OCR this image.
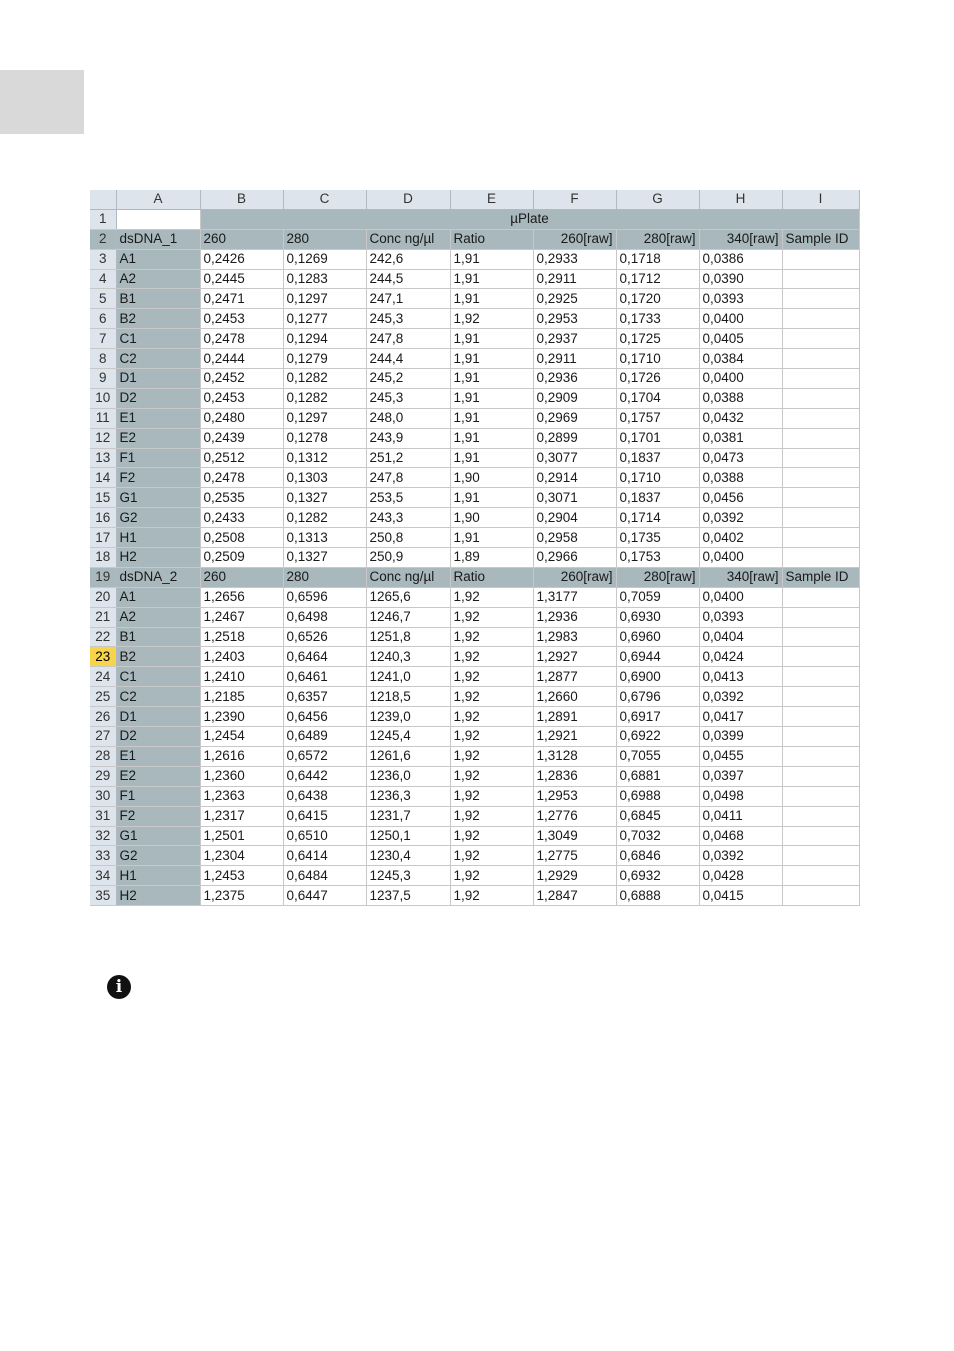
	A	B	C	D	E	F	G	H	I
1		µPlate							
2	dsDNA_1	260	280	Conc ng/µl	Ratio	260[raw]	280[raw]	340[raw]	Sample ID
3	A1	0,2426	0,1269	242,6	1,91	0,2933	0,1718	0,0386	
4	A2	0,2445	0,1283	244,5	1,91	0,2911	0,1712	0,0390	
5	B1	0,2471	0,1297	247,1	1,91	0,2925	0,1720	0,0393	
6	B2	0,2453	0,1277	245,3	1,92	0,2953	0,1733	0,0400	
7	C1	0,2478	0,1294	247,8	1,91	0,2937	0,1725	0,0405	
8	C2	0,2444	0,1279	244,4	1,91	0,2911	0,1710	0,0384	
9	D1	0,2452	0,1282	245,2	1,91	0,2936	0,1726	0,0400	
10	D2	0,2453	0,1282	245,3	1,91	0,2909	0,1704	0,0388	
11	E1	0,2480	0,1297	248,0	1,91	0,2969	0,1757	0,0432	
12	E2	0,2439	0,1278	243,9	1,91	0,2899	0,1701	0,0381	
13	F1	0,2512	0,1312	251,2	1,91	0,3077	0,1837	0,0473	
14	F2	0,2478	0,1303	247,8	1,90	0,2914	0,1710	0,0388	
15	G1	0,2535	0,1327	253,5	1,91	0,3071	0,1837	0,0456	
16	G2	0,2433	0,1282	243,3	1,90	0,2904	0,1714	0,0392	
17	H1	0,2508	0,1313	250,8	1,91	0,2958	0,1735	0,0402	
18	H2	0,2509	0,1327	250,9	1,89	0,2966	0,1753	0,0400	
19	dsDNA_2	260	280	Conc ng/µl	Ratio	260[raw]	280[raw]	340[raw]	Sample ID
20	A1	1,2656	0,6596	1265,6	1,92	1,3177	0,7059	0,0400	
21	A2	1,2467	0,6498	1246,7	1,92	1,2936	0,6930	0,0393	
22	B1	1,2518	0,6526	1251,8	1,92	1,2983	0,6960	0,0404	
23	B2	1,2403	0,6464	1240,3	1,92	1,2927	0,6944	0,0424	
24	C1	1,2410	0,6461	1241,0	1,92	1,2877	0,6900	0,0413	
25	C2	1,2185	0,6357	1218,5	1,92	1,2660	0,6796	0,0392	
26	D1	1,2390	0,6456	1239,0	1,92	1,2891	0,6917	0,0417	
27	D2	1,2454	0,6489	1245,4	1,92	1,2921	0,6922	0,0399	
28	E1	1,2616	0,6572	1261,6	1,92	1,3128	0,7055	0,0455	
29	E2	1,2360	0,6442	1236,0	1,92	1,2836	0,6881	0,0397	
30	F1	1,2363	0,6438	1236,3	1,92	1,2953	0,6988	0,0498	
31	F2	1,2317	0,6415	1231,7	1,92	1,2776	0,6845	0,0411	
32	G1	1,2501	0,6510	1250,1	1,92	1,3049	0,7032	0,0468	
33	G2	1,2304	0,6414	1230,4	1,92	1,2775	0,6846	0,0392	
34	H1	1,2453	0,6484	1245,3	1,92	1,2929	0,6932	0,0428	
35	H2	1,2375	0,6447	1237,5	1,92	1,2847	0,6888	0,0415	
i
